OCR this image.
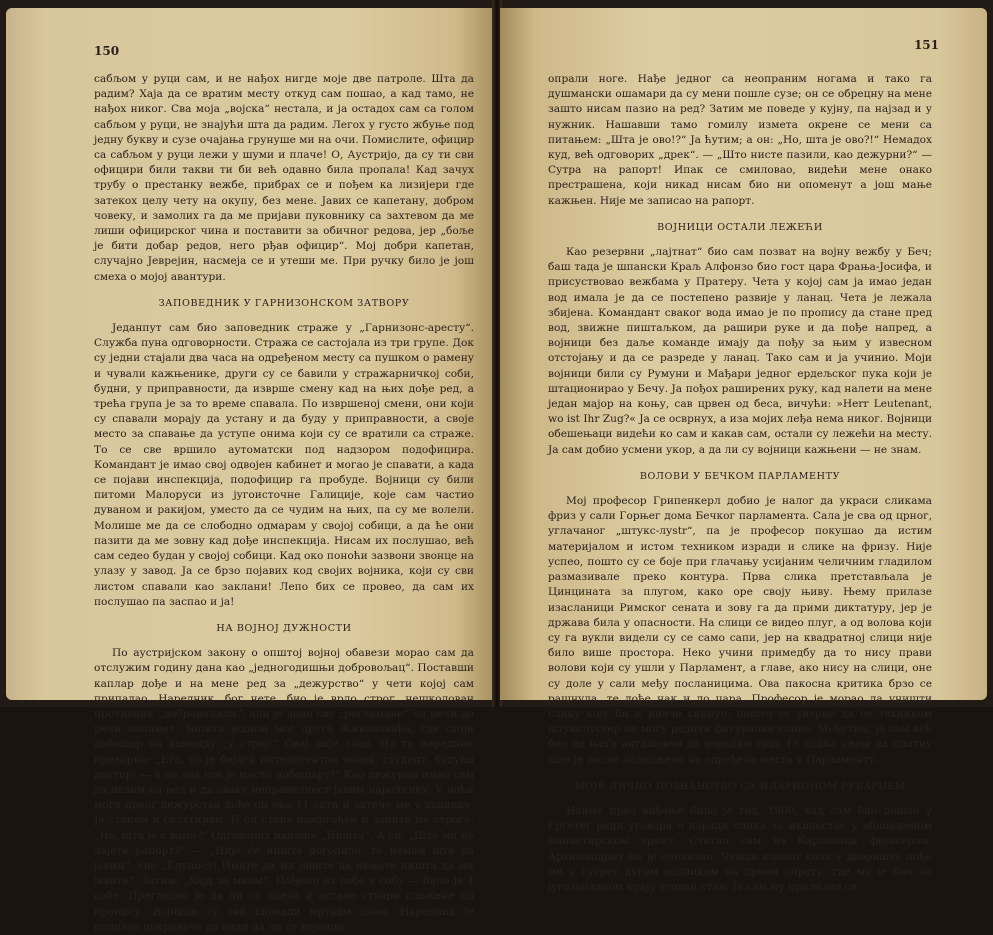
150

сабљом у руци сам, и не нађох нигде моје две патроле. Шта да радим? Хаја да се вратим месту откуд сам пошао, а кад тамо, не нађох никог. Сва моја „војска“ нестала, и ја остадох сам са голом сабљом у руци, не знајући шта да радим. Легох у густо жбуње под једну букву и сузе очајања грунуше ми на очи. Помислите, официр са сабљом у руци лежи у шуми и плаче! О, Аустријо, да су ти сви официри били такви ти би већ одавно била пропала! Кад зачух трубу о престанку вежбе, прибрах се и пођем ка лизијери где затекох целу чету на окупу, без мене. Јавих се капетану, добром човеку, и замолих га да ме пријави пуковнику са захтевом да ме лиши официрског чина и поставити за обичног редова, јер „боље је бити добар редов, него рђав официр“. Мој добри капетан, случајно Јеврејин, насмеја се и утеши ме. При ручку било је још смеха о мојој авантури.

ЗАПОВЕДНИК У ГАРНИЗОНСКОМ ЗАТВОРУ

Једанпут сам био заповедник страже у „Гарнизонс-аресту“. Служба пуна одговорности. Стража се састојала из три групе. Док су једни стајали два часа на одређеном месту са пушком о рамену и чували кажњенике, други су се бавили у стражарничкој соби, будни, у приправности, да изврше смену кад на њих дође ред, а трећа група је за то време спавала. По извршеној смени, они који су спавали морају да устану и да буду у приправности, а своје место за спавање да уступе онима који су се вратили са страже. То се све вршило аутоматски под надзором подофицира. Командант је имао свој одвојен кабинет и могао је спавати, а када се појави инспекција, подофицир га пробуде. Војници су били питоми Малоруси из југоисточне Галиције, које сам частио дуваном и ракијом, уместо да се чудим на њих, па су ме волели. Молише ме да се слободно одмарам у својој собици, а да ће они пазити да ме зовну кад дође инспекција. Нисам их послушао, већ сам седео будан у својој собици. Кад око поноћи зазвони звонце на улазу у завод. Ја се брзо појавих код својих војника, који су сви листом спавали као заклани! Лепо бих се провео, да сам их послушао па заспао и ја!

НА ВОЈНОЈ ДУЖНОСТИ

По аустријском закону о општој војној обавези морао сам да отслужим годину дана као „једногодишњи добровољац“. Поставши каплар дође и на мене ред за „дежурство“ у чети којој сам припадао. Наредник, бог чете, био је врло строг, нешколован противник „добровољаца“, али је знао све „регламане“ од речи до речи напамет. Запита једном мог друга Живановића, где стоји добошар на команду „у строј!“ Овај није знао. На то наредник презирно: „Ето, то је бајаги интелигентан човек, студент, будући доктор; — а не зна где је место добошару!“ Као дежурни имао сам да пазим на ред и да сваку неправилност јавим нареднику. У ноћи мога првог дежурства дође он око 11 сати и затече ме у ходнику. Ја станем и салутирам. И он стане намргођен и запита ме строго: „Но, шта је с вама?“ Одговорих наивно: „Ништа“. А он: „Што ми не дајете рапорт?“ — „Није се ништа догодило, те немам шта да јавим“. Он: „Глупост! Имате да ми јавите да немате ништа да ми јавите“. Затим: „Хајд за мном“. Пођемо из собе у собу — било је 4 собе. Прегледао је да ли су одела и остале ствари сложене по пропису. Војници су сви спавали мртвим сном. Наредник је подизао покриваче да види да ли су војници

151

опрали ноге. Нађе једног са неопраним ногама и тако га душмански ошамари да су мени пошле сузе; он се обрецну на мене зашто нисам пазио на ред? Затим ме поведе у кујну, па најзад и у нужник. Нашавши тамо гомилу измета окрене се мени са питањем: „Шта је ово!?“ Ја ћутим; а он: „Но, шта је ово?!“ Немадох куд, већ одговорих „дрек“. — „Што нисте пазили, као дежурни?“ — Сутра на рапорт! Ипак се смиловао, видећи мене онако престрашена, који никад нисам био ни опоменут а још мање кажњен. Није ме записао на рапорт.

ВОЈНИЦИ ОСТАЛИ ЛЕЖЕЋИ

Као резервни „лајтнат“ био сам позват на војну вежбу у Беч; баш тада је шпански Краљ Алфонзо био гост цара Фрања-Јосифа, и присуствовао вежбама у Пратеру. Чета у којој сам ја имао један вод имала је да се постепено развије у ланац. Чета је лежала збијена. Командант сваког вода имао је по пропису да стане пред вод, звижне пиштаљком, да рашири руке и да пође напред, а војници без даље команде имају да пођу за њим у извесном отстојању и да се разреде у ланац. Тако сам и ја учинио. Моји војници били су Румуни и Мађари једног ердељског пука који је штационирао у Бечу. Ја пођох раширених руку, кад налети на мене један мајор на коњу, сав црвен од беса, вичући: »Herr Leutenant, wo ist Ihr Zug?« Ја се осврнух, а иза мојих леђа нема никог. Војници обешењаци видећи ко сам и какав сам, остали су лежећи на месту. Ја сам добио усмени укор, а да ли су војници кажњени — не знам.

ВОЛОВИ У БЕЧКОМ ПАРЛАМЕНТУ

Мој професор Грипенкерл добио је налог да украси сликама фриз у сали Горњег дома Бечког парламента. Сала је сва од црног, углачаног „штукс-луstr“, па је професор покушао да истим материјалом и истом техником изради и слике на фризу. Није успео, пошто су се боје при глачању усијаним челичним гладилом размазивале преко контура. Прва слика претстављала је Цинцината за плугом, како оре своју њиву. Њему прилазе изасланици Римског сената и зову га да прими диктатуру, јер је држава била у опасности. На слици се видео плуг, а од волова који су га вукли видели су се само сапи, јер на квадратној слици није било више простора. Неко учини примедбу да то нису прави волови који су ушли у Парламент, а главе, ако нису на слици, оне су доле у сали међу посланицима. Ова пакосна критика брзо се рашчула, те дође чак и до цара. Професор је морао да уништи слику коју би и иначе скинуо, пошто се уверио да се техником штукслустер не могу радити фигуралне слике. Међутим, ја сам већ био од њега ангажован да израдим свих 13 слика уљем на платну које је после налепљено на одређена места у Парламенту.

МОЈЕ ЛИЧНО ПОЗНАНСТВО СА ИЛАРИОНОМ РУВАРЦЕМ

Наиме прво виђење било је год. 1900, кад сам био дошао у Гргетег ради уговора о изради слика за иконостас у обновљеном манастирском храму. Стигао сам из Карловаца фијакером. Архимандрит ме је очекивао. Чувши клокот кола у дворишту пође ми у сусрет дугим ходником на првом спрату, где му је био на југозападном крају угодан стан. Ја сам му прилазио са
